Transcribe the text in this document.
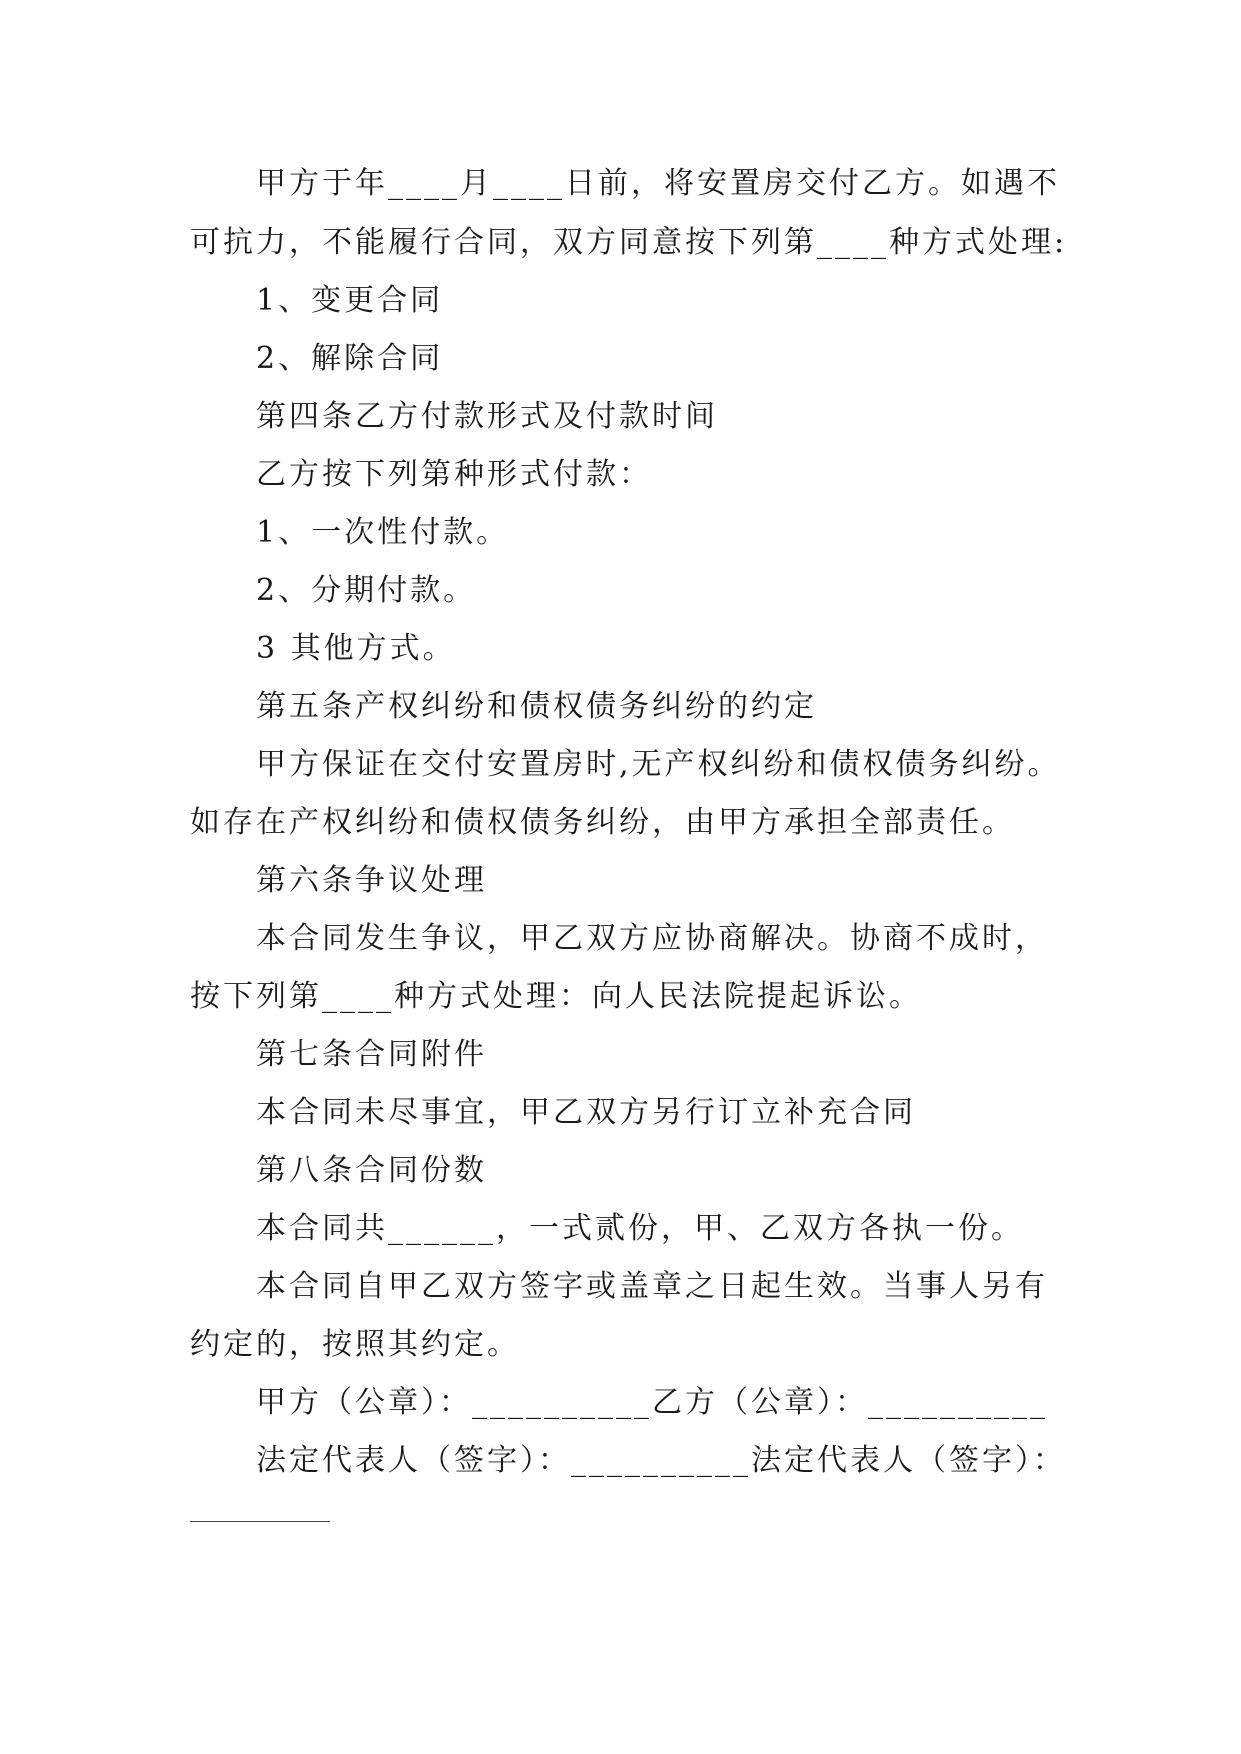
甲方于年____月____日前，将安置房交付乙方。如遇不
可抗力，不能履行合同，双方同意按下列第____种方式处理:
1、变更合同
2、解除合同
第四条乙方付款形式及付款时间
乙方按下列第种形式付款：
1、一次性付款。
2、分期付款。
3 其他方式。
第五条产权纠纷和债权债务纠纷的约定
甲方保证在交付安置房时,无产权纠纷和债权债务纠纷。
如存在产权纠纷和债权债务纠纷，由甲方承担全部责任。
第六条争议处理
本合同发生争议，甲乙双方应协商解决。协商不成时，
按下列第____种方式处理：向人民法院提起诉讼。
第七条合同附件
本合同未尽事宜，甲乙双方另行订立补充合同
第八条合同份数
本合同共______，一式贰份，甲、乙双方各执一份。
本合同自甲乙双方签字或盖章之日起生效。当事人另有
约定的，按照其约定。
甲方（公章）：__________乙方（公章）：__________
法定代表人（签字）：__________法定代表人（签字）：
